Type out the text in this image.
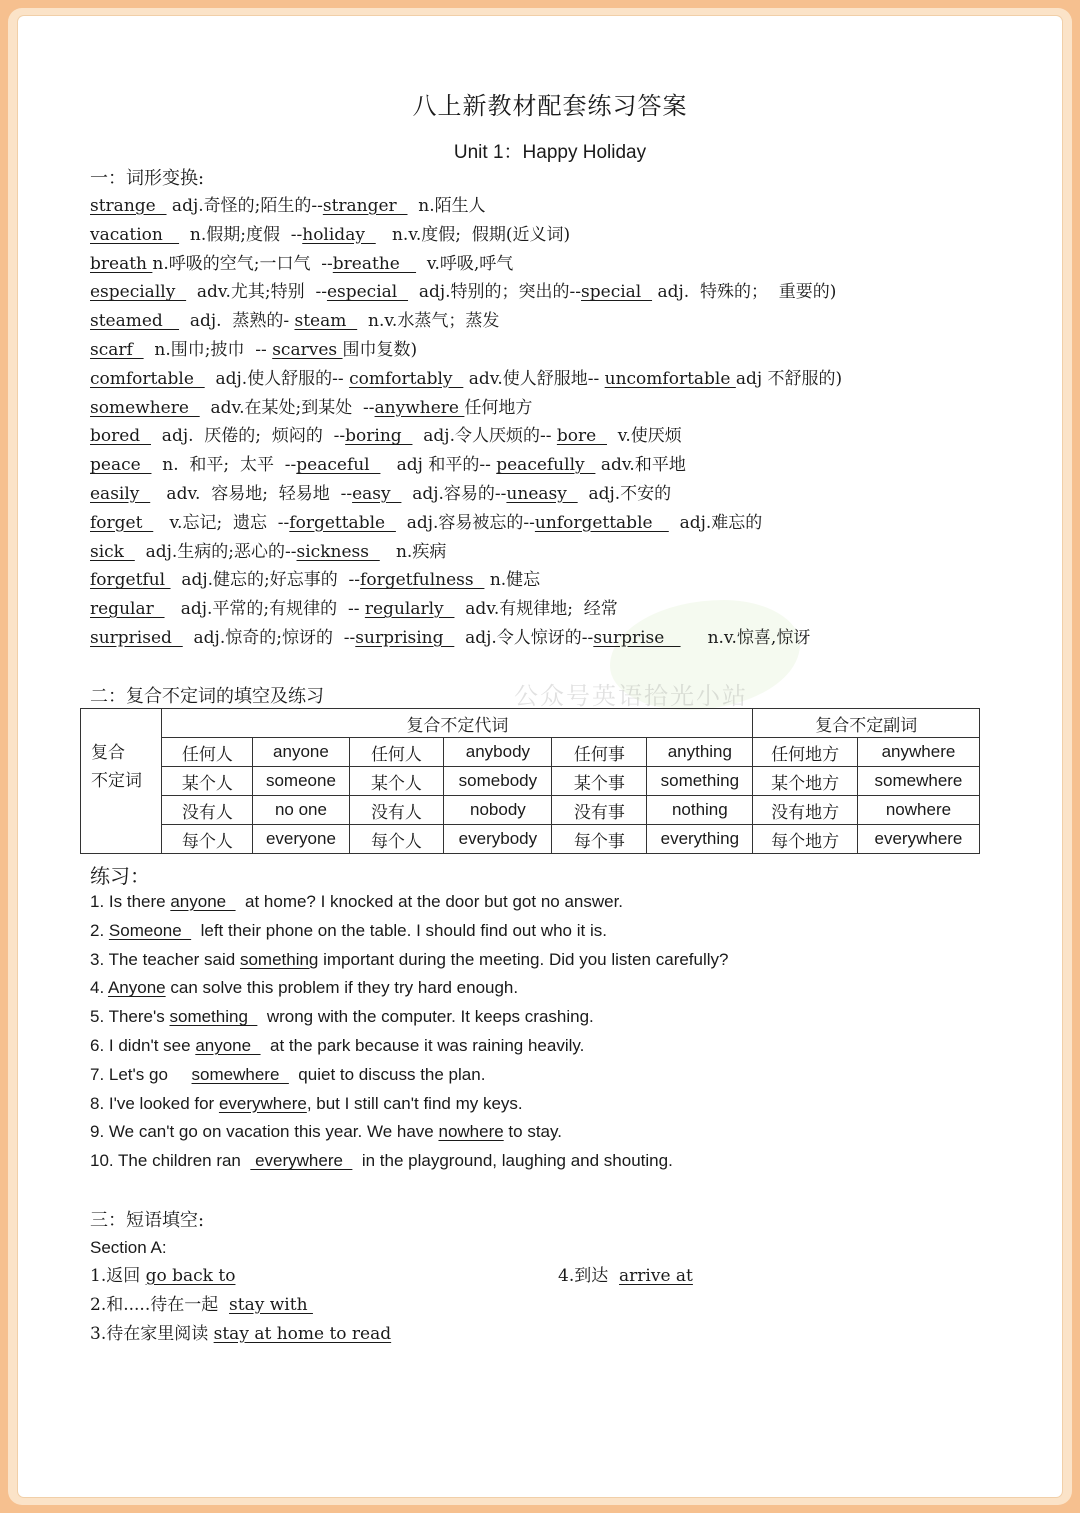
公众号英语拾光小站
八上新教材配套练习答案
Unit 1：Happy Holiday
一：词形变换:
strange   adj.奇怪的;陌生的--stranger    n.陌生人
vacation     n.假期;度假  --holiday     n.v.度假;  假期(近义词)
breath n.呼吸的空气;一口气  --breathe     v.呼吸,呼气
especially    adv.尤其;特别  --especial    adj.特别的；突出的--special   adj.  特殊的；  重要的)
steamed     adj.  蒸熟的- steam    n.v.水蒸气；蒸发
scarf    n.围巾;披巾  -- scarves 围巾复数)
comfortable    adj.使人舒服的-- comfortably   adv.使人舒服地-- uncomfortable adj 不舒服的)
somewhere    adv.在某处;到某处  --anywhere 任何地方
bored    adj.  厌倦的;  烦闷的  --boring    adj.令人厌烦的-- bore    v.使厌烦
peace    n.  和平;  太平  --peaceful     adj 和平的-- peacefully   adv.和平地
easily     adv.  容易地;  轻易地  --easy    adj.容易的--uneasy    adj.不安的
forget     v.忘记;  遗忘  --forgettable    adj.容易被忘的--unforgettable     adj.难忘的
sick    adj.生病的;恶心的--sickness     n.疾病
forgetful   adj.健忘的;好忘事的  --forgetfulness   n.健忘
regular     adj.平常的;有规律的  -- regularly    adv.有规律地;  经常
surprised    adj.惊奇的;惊讶的  --surprising    adj.令人惊讶的--surprise        n.v.惊喜,惊讶
二：复合不定词的填空及练习
复合
不定词	复合不定代词						复合不定副词	
	任何人	anyone	任何人	anybody	任何事	anything	任何地方	anywhere
	某个人	someone	某个人	somebody	某个事	something	某个地方	somewhere
	没有人	no one	没有人	nobody	没有事	nothing	没有地方	nowhere
	每个人	everyone	每个人	everybody	每个事	everything	每个地方	everywhere
练习：
1. Is there anyone    at home? I knocked at the door but got no answer.
2. Someone    left their phone on the table. I should find out who it is.
3. The teacher said something important during the meeting. Did you listen carefully?
4. Anyone can solve this problem if they try hard enough.
5. There's something    wrong with the computer. It keeps crashing.
6. I didn't see anyone    at the park because it was raining heavily.
7. Let's go     somewhere    quiet to discuss the plan.
8. I've looked for everywhere, but I still can't find my keys.
9. We can't go on vacation this year. We have nowhere to stay.
10. The children ran   everywhere    in the playground, laughing and shouting.
三：短语填空:
Section A:
1.返回 go back to
2.和.....待在一起  stay with
3.待在家里阅读 stay at home to read
4.到达  arrive at
